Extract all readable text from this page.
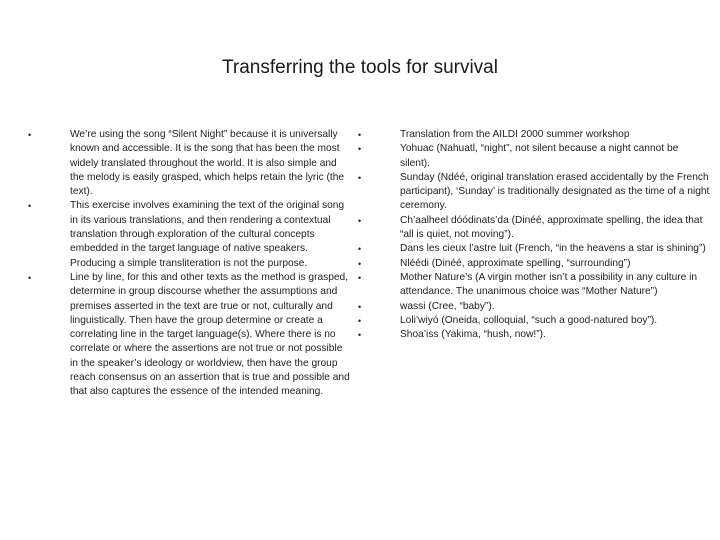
Transferring the tools for survival
•	We’re using the song “Silent Night” because it is universally known and accessible. It is the song that has been the most widely translated throughout the world. It is also simple and the melody is easily grasped, which helps retain the lyric (the text).
•	This exercise involves examining the text of the original song in its various translations, and then rendering a contextual translation through exploration of the cultural concepts embedded in the target language of native speakers. Producing a simple transliteration is not the purpose.
•	Line by line, for this and other texts as the method is grasped, determine in group discourse whether the assumptions and premises asserted in the text are true or not, culturally and linguistically. Then have the group determine or create a correlating line in the target language(s). Where there is no correlate or where the assertions are not true or not possible in the speaker’s ideology or worldview, then have the group reach consensus on an assertion that is true and possible and that also captures the essence of the intended meaning.
•	Translation from the AILDI 2000 summer workshop
•	Yohuac (Nahuatl, “night”, not silent because a night cannot be silent).
•	Sunday (Ndéé, original translation erased accidentally by the French participant), ‘Sunday’ is traditionally designated as the time of a night ceremony.
•	Ch’aalheel dóódinats’da (Dinéé, approximate spelling, the idea that “all is quiet, not moving”).
•	Dans les cieux l’astre luit (French, “in the heavens a star is shining”)
•	Nléédi (Dinéé, approximate spelling, “surrounding”)
•	Mother Nature’s (A virgin mother isn’t a possibility in any culture in attendance. The unanimous choice was “Mother Nature”)
•	wassi (Cree, “baby”).
•	Loli’wiyó (Oneida, colloquial, “such a good-natured boy”).
•	Shoa’iss (Yakima, “hush, now!”).
